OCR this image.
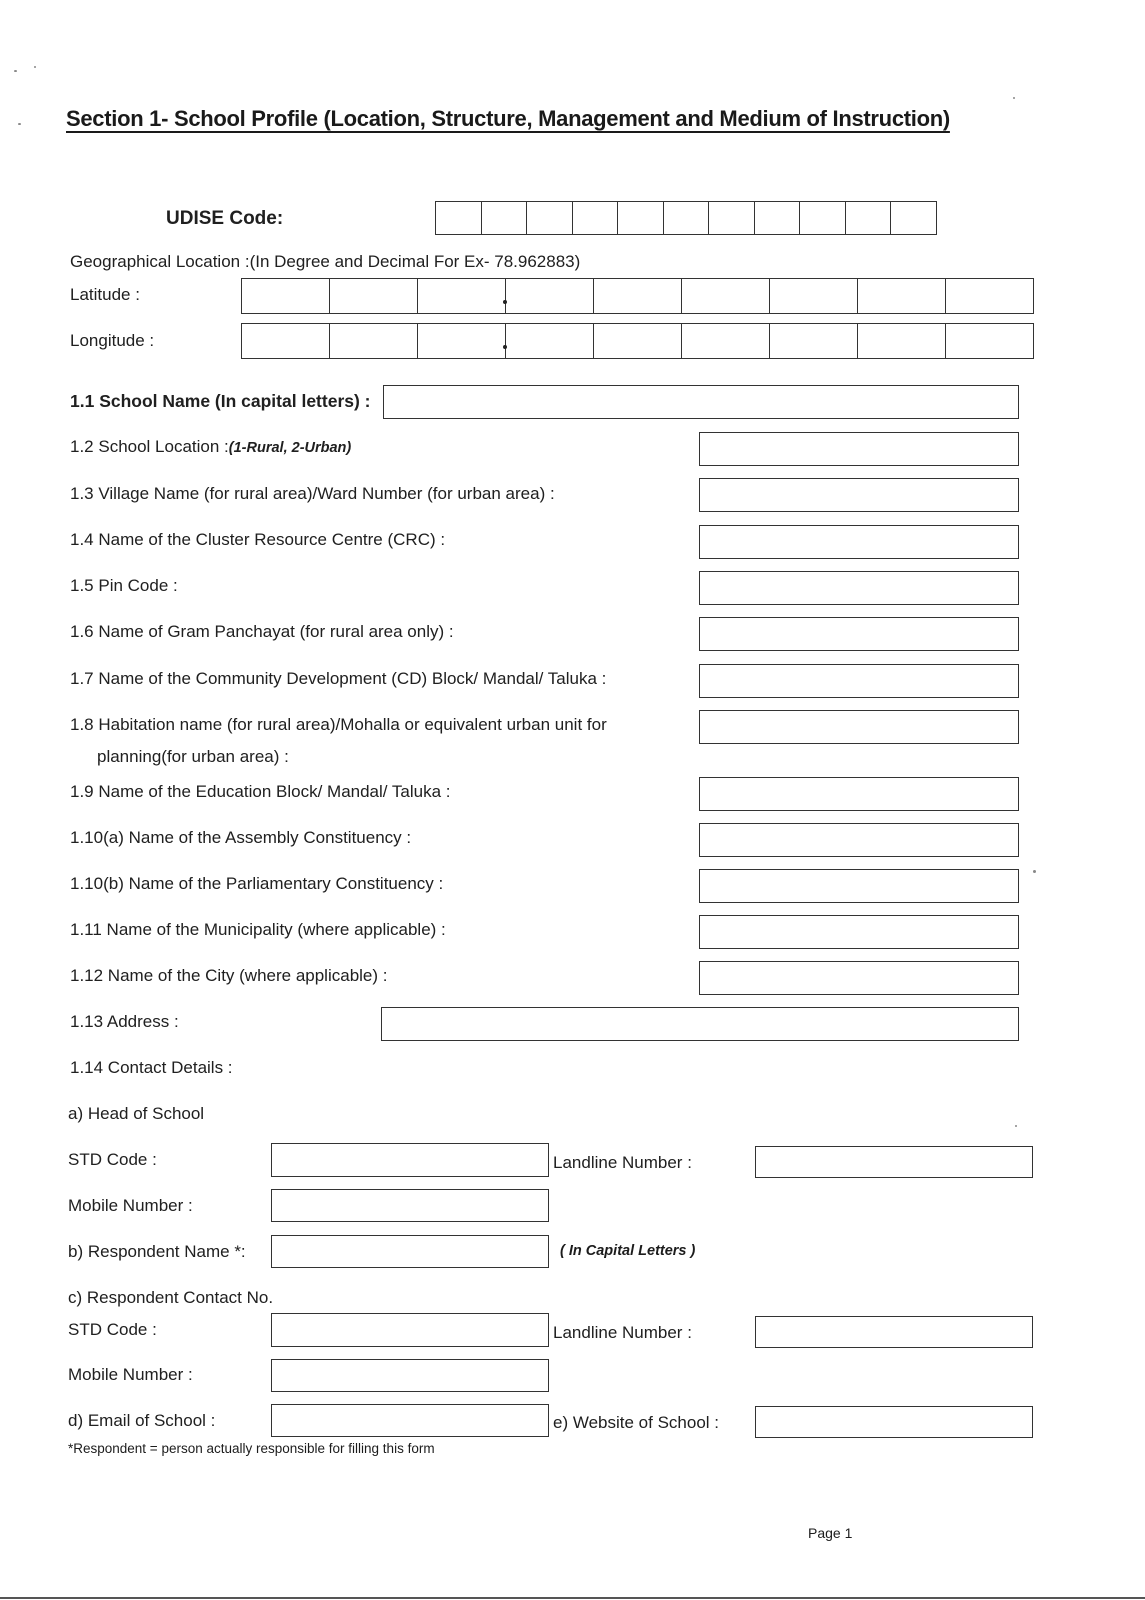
Section 1- School Profile (Location, Structure, Management and Medium of Instruction)
UDISE Code:
Geographical Location :(In Degree and Decimal For Ex- 78.962883)
Latitude :
Longitude :
1.1 School Name (In capital letters) :
1.2 School Location :(1-Rural, 2-Urban)
1.3 Village Name (for rural area)/Ward Number (for urban area) :
1.4 Name of the Cluster Resource Centre (CRC) :
1.5 Pin Code :
1.6 Name of Gram Panchayat (for rural area only) :
1.7 Name of the Community Development (CD) Block/ Mandal/ Taluka :
1.8 Habitation name (for rural area)/Mohalla or equivalent urban unit for
planning(for urban area) :
1.9 Name of the Education Block/ Mandal/ Taluka :
1.10(a) Name of the Assembly Constituency :
1.10(b) Name of the Parliamentary Constituency :
1.11 Name of the Municipality (where applicable) :
1.12 Name of the City (where applicable) :
1.13 Address :
1.14 Contact Details :
a) Head of School
STD Code :	Landline Number :
Mobile Number :
b) Respondent Name *:	( In Capital Letters )
c) Respondent Contact No.
STD Code :	Landline Number :
Mobile Number :
d) Email of School :	e) Website of School :
*Respondent = person actually responsible for filling this form
Page 1
